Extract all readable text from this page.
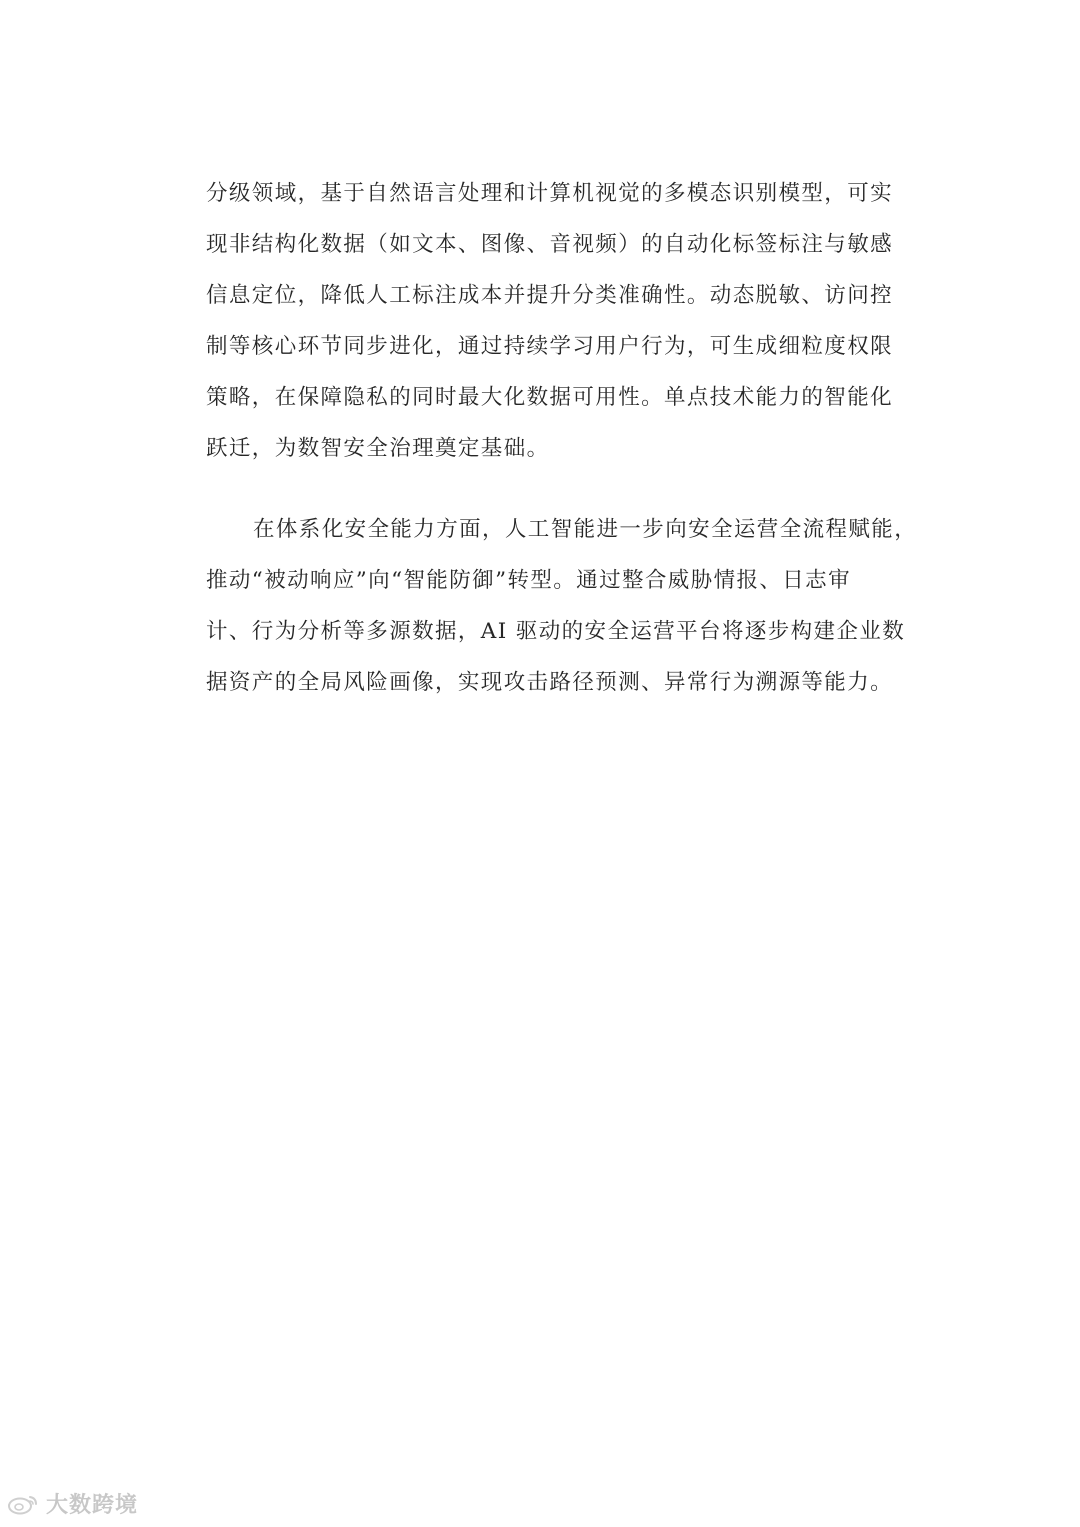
分级领域，基于自然语言处理和计算机视觉的多模态识别模型，可实
现非结构化数据（如文本、图像、音视频）的自动化标签标注与敏感
信息定位，降低人工标注成本并提升分类准确性。动态脱敏、访问控
制等核心环节同步进化，通过持续学习用户行为，可生成细粒度权限
策略，在保障隐私的同时最大化数据可用性。单点技术能力的智能化
跃迁，为数智安全治理奠定基础。
在体系化安全能力方面，人工智能进一步向安全运营全流程赋能，
推动“被动响应”向“智能防御”转型。通过整合威胁情报、日志审
计、行为分析等多源数据，AI 驱动的安全运营平台将逐步构建企业数
据资产的全局风险画像，实现攻击路径预测、异常行为溯源等能力。
大数跨境
